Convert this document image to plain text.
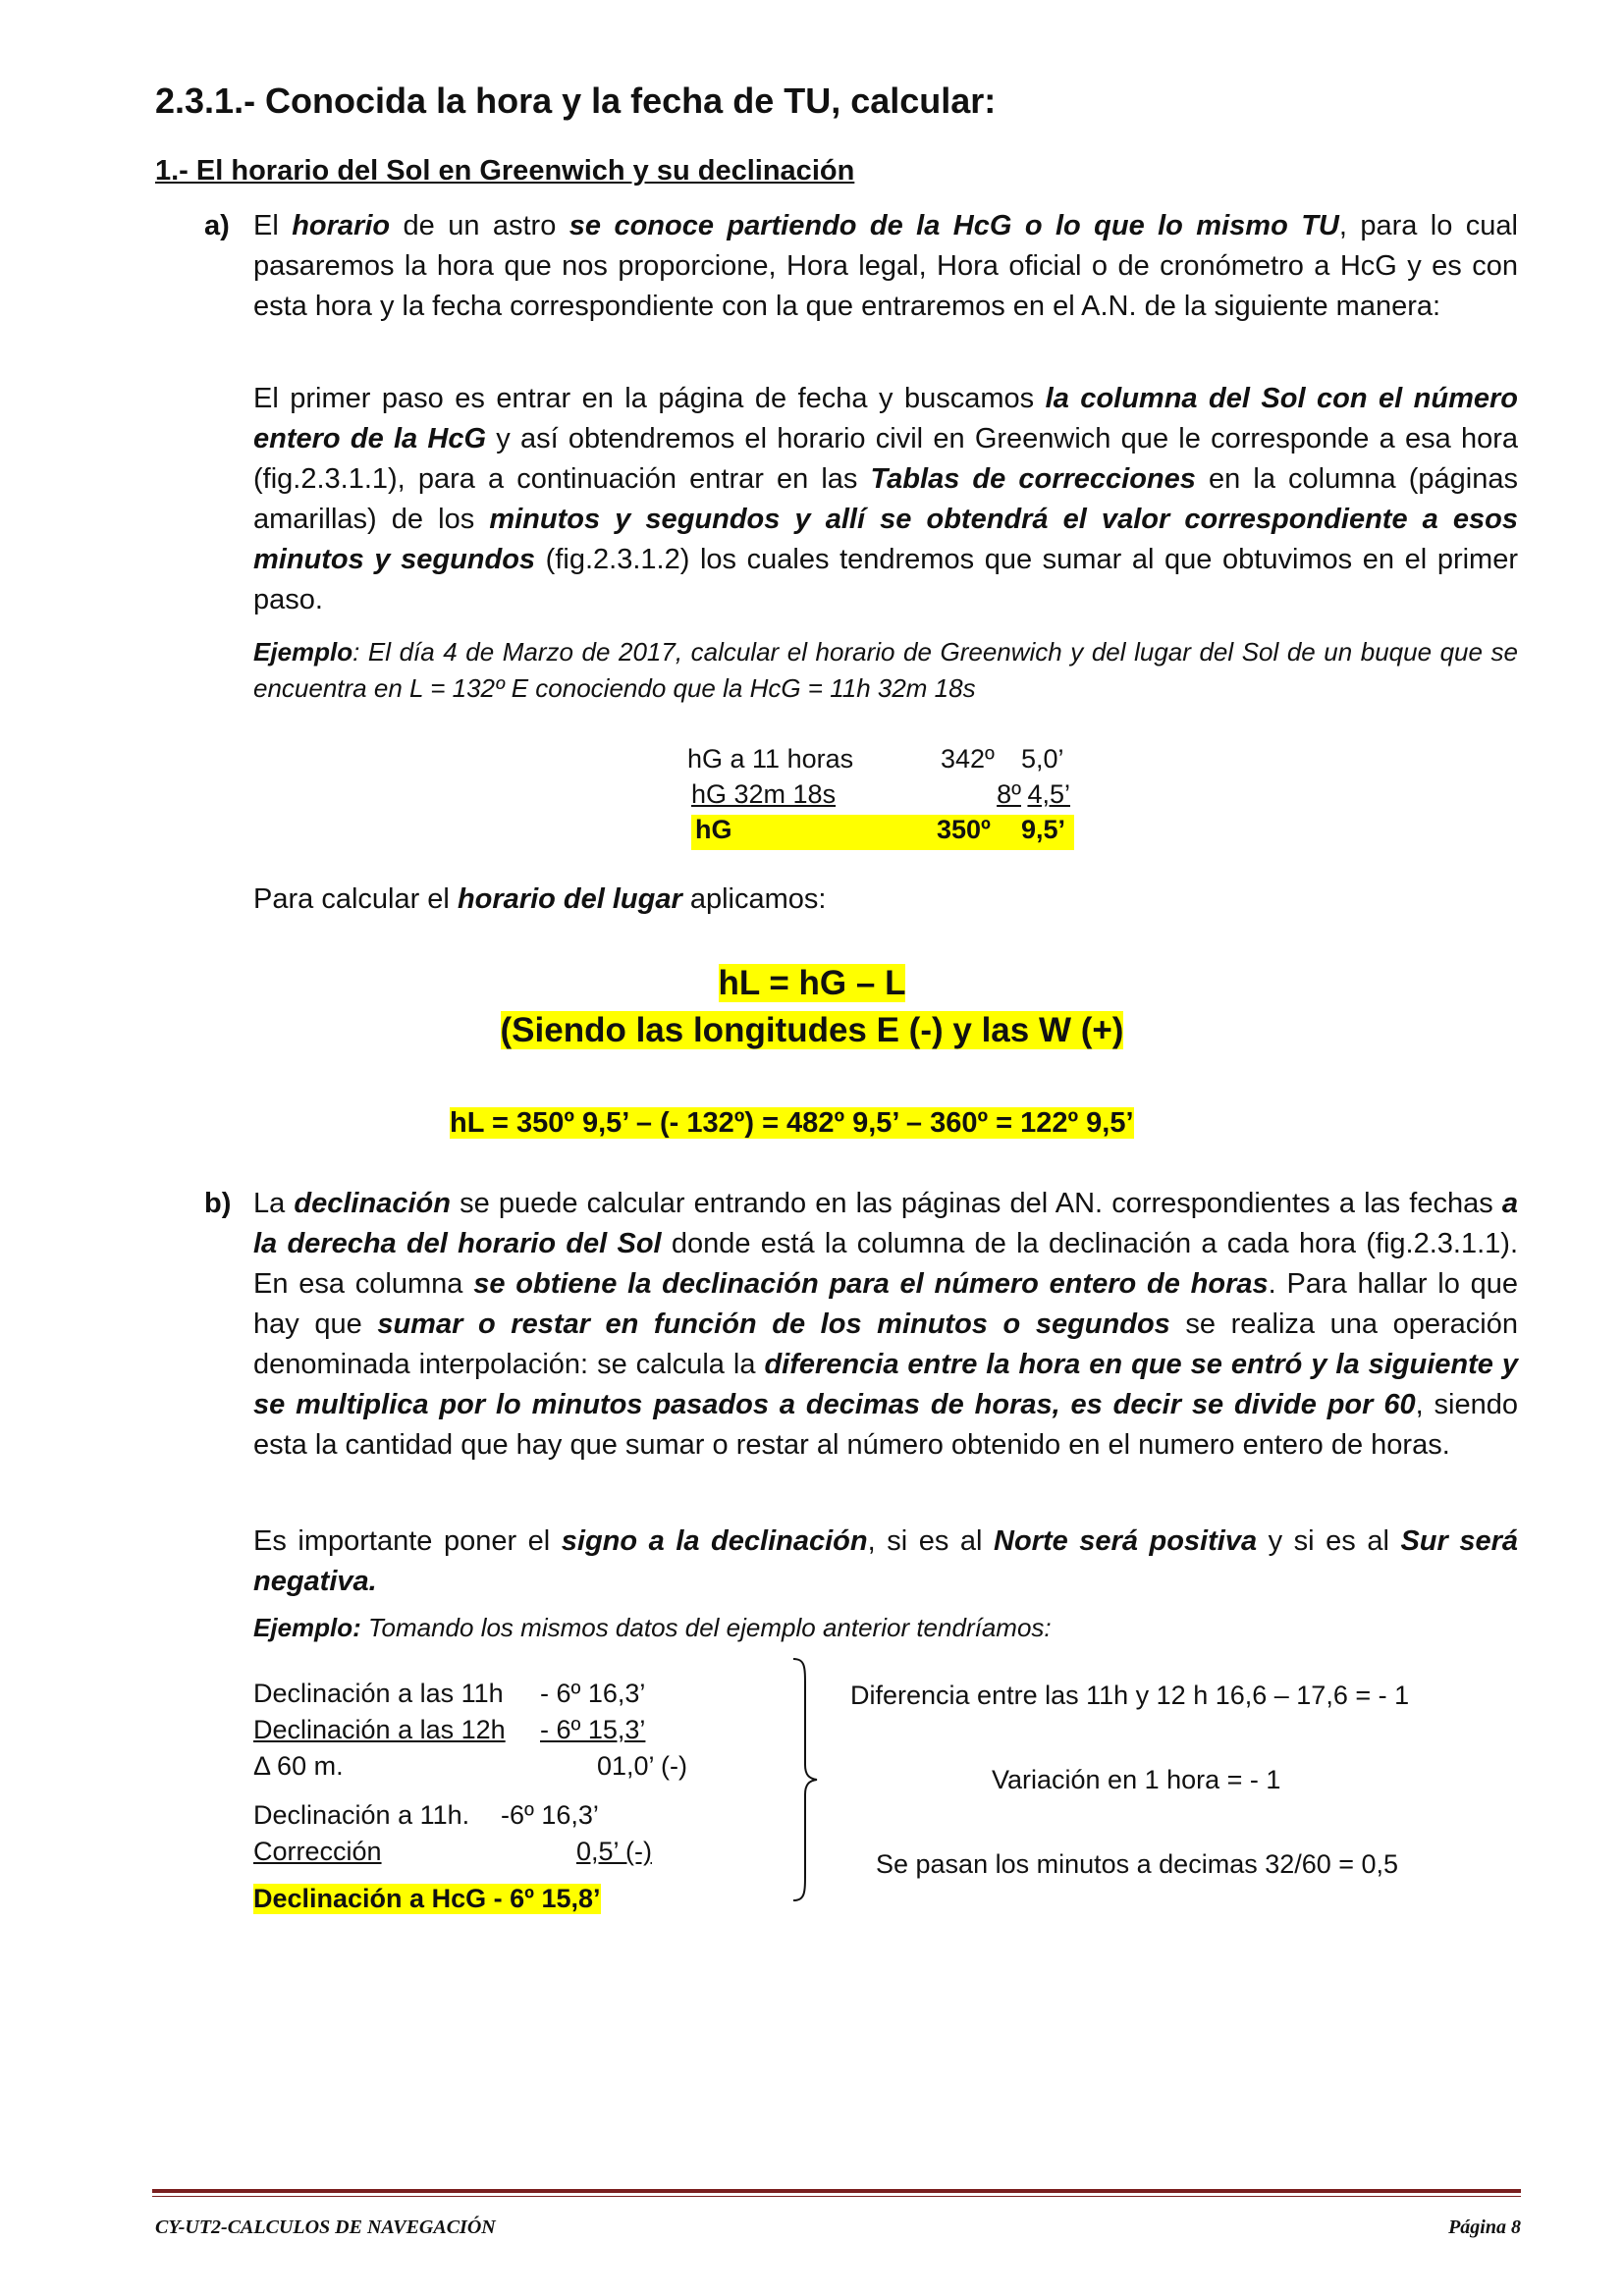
2.3.1.- Conocida la hora y la fecha de TU, calcular:
1.- El horario del Sol en Greenwich y su declinación
a) El horario de un astro se conoce partiendo de la HcG o lo que lo mismo TU, para lo cual pasaremos la hora que nos proporcione, Hora legal, Hora oficial o de cronómetro a HcG y es con esta hora y la fecha correspondiente con la que entraremos en el A.N. de la siguiente manera:
El primer paso es entrar en la página de fecha y buscamos la columna del Sol con el número entero de la HcG y así obtendremos el horario civil en Greenwich que le corresponde a esa hora (fig.2.3.1.1), para a continuación entrar en las Tablas de correcciones en la columna (páginas amarillas) de los minutos y segundos y allí se obtendrá el valor correspondiente a esos minutos y segundos (fig.2.3.1.2) los cuales tendremos que sumar al que obtuvimos en el primer paso.
Ejemplo: El día 4 de Marzo de 2017, calcular el horario de Greenwich y del lugar del Sol de un buque que se encuentra en L = 132º E conociendo que la HcG = 11h 32m 18s
hG a 11 horas	342º 5,0’
hG 32m 18s	8º 4,5’
hG	350º 9,5’
Para calcular el horario del lugar aplicamos:
hL = hG – L
(Siendo las longitudes E (-) y las W (+)
hL = 350º 9,5’ – (- 132º) = 482º 9,5’ – 360º = 122º 9,5’
b) La declinación se puede calcular entrando en las páginas del AN. correspondientes a las fechas a la derecha del horario del Sol donde está la columna de la declinación a cada hora (fig.2.3.1.1). En esa columna se obtiene la declinación para el número entero de horas. Para hallar lo que hay que sumar o restar en función de los minutos o segundos se realiza una operación denominada interpolación: se calcula la diferencia entre la hora en que se entró y la siguiente y se multiplica por lo minutos pasados a decimas de horas, es decir se divide por 60, siendo esta la cantidad que hay que sumar o restar al número obtenido en el numero entero de horas.
Es importante poner el signo a la declinación, si es al Norte será positiva y si es al Sur será negativa.
Ejemplo: Tomando los mismos datos del ejemplo anterior tendríamos:
Declinación a las 11h - 6º 16,3’
Declinación a las 12h	- 6º 15,3’
Δ 60 m.	01,0’ (-)
Declinación a 11h. -6º 16,3’
Corrección	0,5’ (-)
Declinación a HcG - 6º 15,8’
Diferencia entre las 11h y 12 h 16,6 – 17,6 = - 1
Variación en 1 hora = - 1
Se pasan los minutos a decimas 32/60 = 0,5
CY-UT2-CALCULOS DE NAVEGACIÓN	Página 8
